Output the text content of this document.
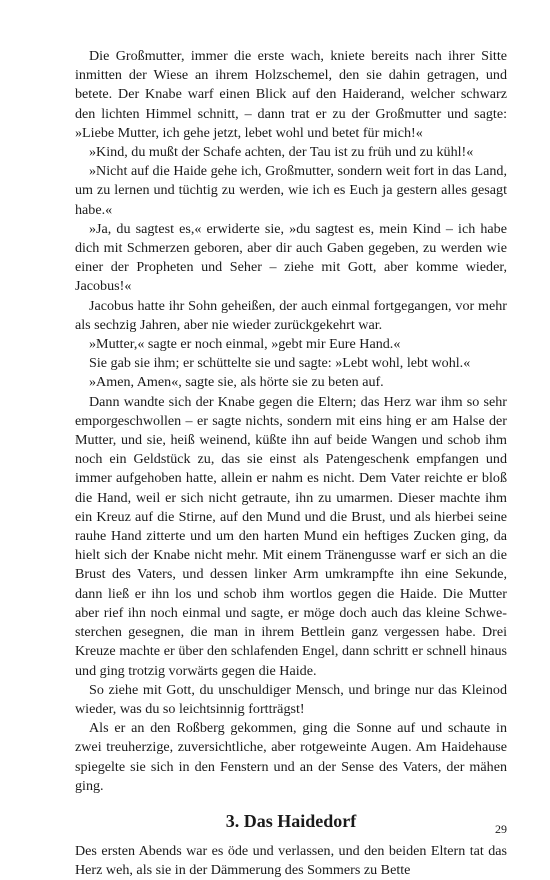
Die Großmutter, immer die erste wach, kniete bereits nach ihrer Sitte inmitten der Wiese an ihrem Holzschemel, den sie dahin getragen, und betete. Der Knabe warf einen Blick auf den Haiderand, welcher schwarz den lichten Himmel schnitt, – dann trat er zu der Großmutter und sagte: »Liebe Mutter, ich gehe jetzt, lebet wohl und betet für mich!«

»Kind, du mußt der Schafe achten, der Tau ist zu früh und zu kühl!«

»Nicht auf die Haide gehe ich, Großmutter, sondern weit fort in das Land, um zu lernen und tüchtig zu werden, wie ich es Euch ja gestern alles gesagt habe.«

»Ja, du sagtest es,« erwiderte sie, »du sagtest es, mein Kind – ich habe dich mit Schmerzen geboren, aber dir auch Gaben gegeben, zu werden wie einer der Propheten und Seher – ziehe mit Gott, aber komme wieder, Jacobus!«

Jacobus hatte ihr Sohn geheißen, der auch einmal fortgegangen, vor mehr als sechzig Jahren, aber nie wieder zurückgekehrt war.

»Mutter,« sagte er noch einmal, »gebt mir Eure Hand.«

Sie gab sie ihm; er schüttelte sie und sagte: »Lebt wohl, lebt wohl.«

»Amen, Amen«, sagte sie, als hörte sie zu beten auf.

Dann wandte sich der Knabe gegen die Eltern; das Herz war ihm so sehr emporgeschwollen – er sagte nichts, sondern mit eins hing er am Halse der Mutter, und sie, heiß weinend, küßte ihn auf beide Wangen und schob ihm noch ein Geldstück zu, das sie einst als Patengeschenk empfangen und immer aufgehoben hatte, allein er nahm es nicht. Dem Vater reichte er bloß die Hand, weil er sich nicht getraute, ihn zu umarmen. Dieser machte ihm ein Kreuz auf die Stirne, auf den Mund und die Brust, und als hierbei seine rauhe Hand zitterte und um den harten Mund ein heftiges Zucken ging, da hielt sich der Knabe nicht mehr. Mit einem Tränengusse warf er sich an die Brust des Vaters, und dessen linker Arm umkrampfte ihn eine Sekunde, dann ließ er ihn los und schob ihm wortlos gegen die Haide. Die Mutter aber rief ihn noch einmal und sagte, er möge doch auch das kleine Schwesterchen gesegnen, die man in ihrem Bettlein ganz vergessen habe. Drei Kreuze machte er über den schlafenden Engel, dann schritt er schnell hinaus und ging trotzig vorwärts gegen die Haide.

So ziehe mit Gott, du unschuldiger Mensch, und bringe nur das Kleinod wieder, was du so leichtsinnig fortträgst!

Als er an den Roßberg gekommen, ging die Sonne auf und schaute in zwei treuherzige, zuversichtliche, aber rotgeweinte Augen. Am Haidehause spiegelte sie sich in den Fenstern und an der Sense des Vaters, der mähen ging.

3. Das Haidedorf

Des ersten Abends war es öde und verlassen, und den beiden Eltern tat das Herz weh, als sie in der Dämmerung des Sommers zu Bette

29
